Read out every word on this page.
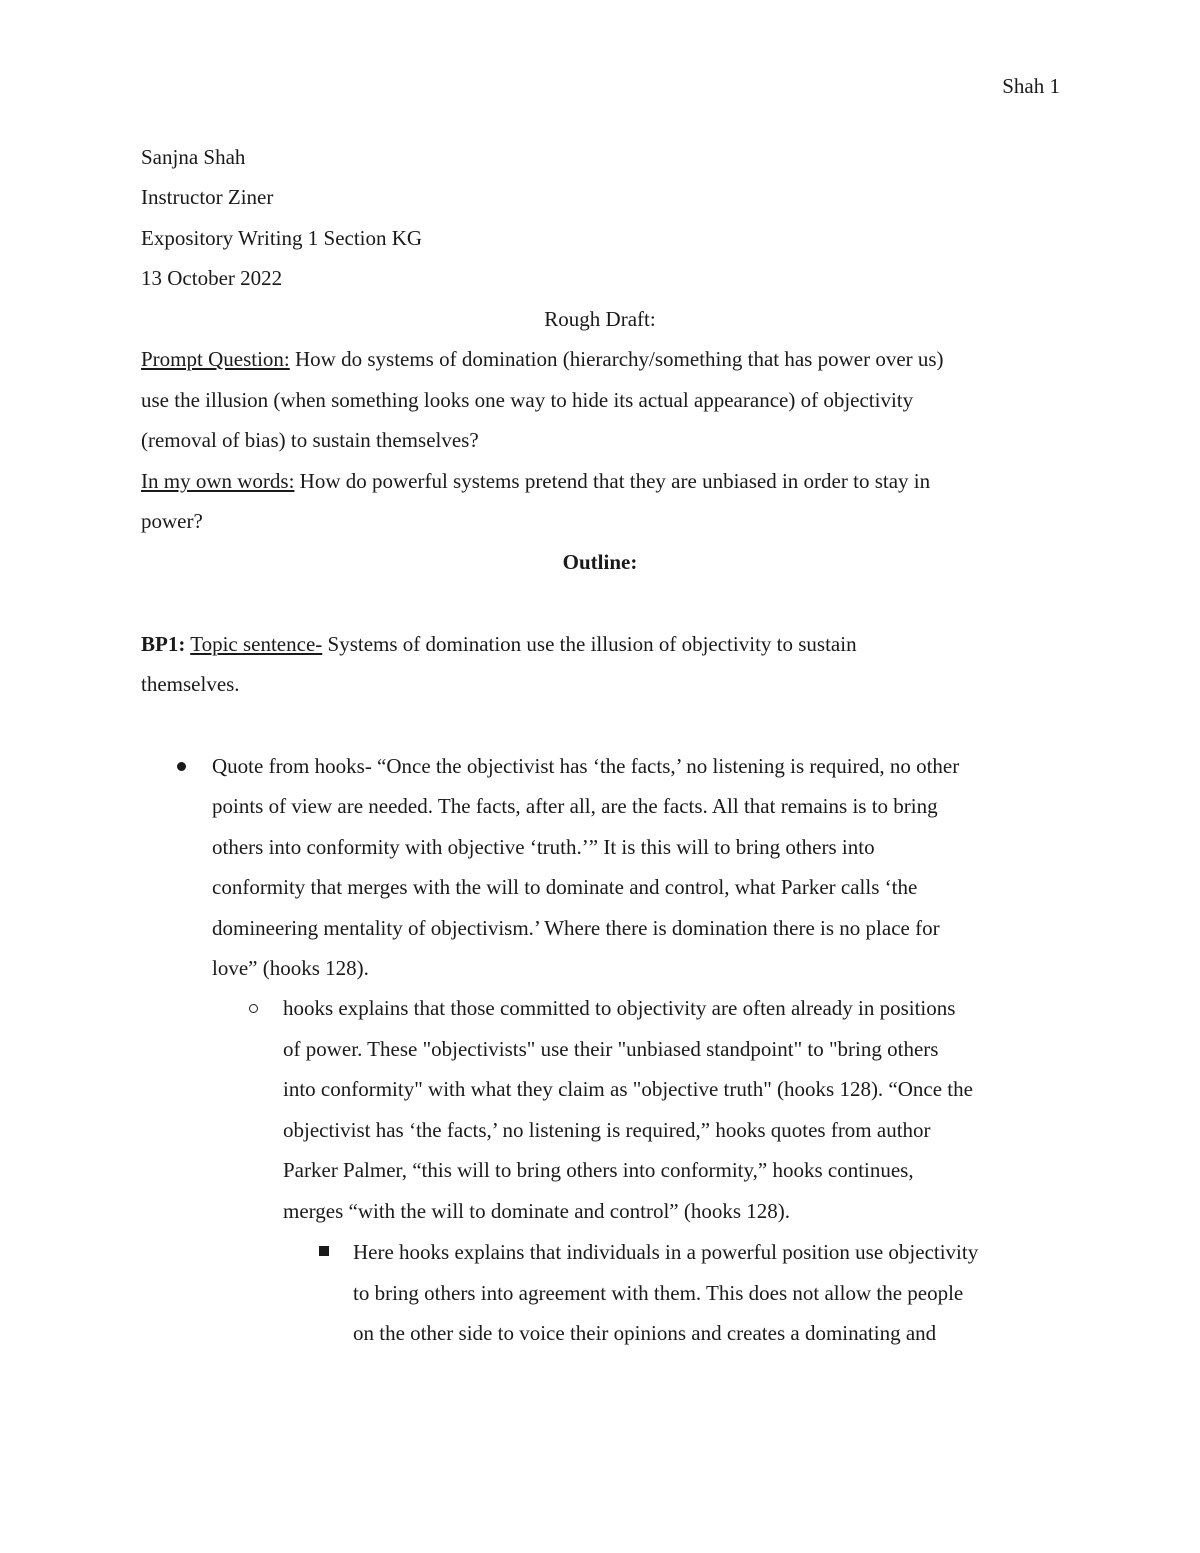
Shah 1
Sanjna Shah
Instructor Ziner
Expository Writing 1 Section KG
13 October 2022
Rough Draft:
Prompt Question: How do systems of domination (hierarchy/something that has power over us)
use the illusion (when something looks one way to hide its actual appearance) of objectivity
(removal of bias) to sustain themselves?
In my own words: How do powerful systems pretend that they are unbiased in order to stay in
power?
Outline:
BP1: Topic sentence- Systems of domination use the illusion of objectivity to sustain
themselves.
Quote from hooks- “Once the objectivist has ‘the facts,’ no listening is required, no other
points of view are needed. The facts, after all, are the facts. All that remains is to bring
others into conformity with objective ‘truth.’” It is this will to bring others into
conformity that merges with the will to dominate and control, what Parker calls ‘the
domineering mentality of objectivism.’ Where there is domination there is no place for
love” (hooks 128).
hooks explains that those committed to objectivity are often already in positions
of power. These "objectivists" use their "unbiased standpoint" to "bring others
into conformity" with what they claim as "objective truth" (hooks 128). “Once the
objectivist has ‘the facts,’ no listening is required,” hooks quotes from author
Parker Palmer, “this will to bring others into conformity,” hooks continues,
merges “with the will to dominate and control” (hooks 128).
Here hooks explains that individuals in a powerful position use objectivity
to bring others into agreement with them. This does not allow the people
on the other side to voice their opinions and creates a dominating and
